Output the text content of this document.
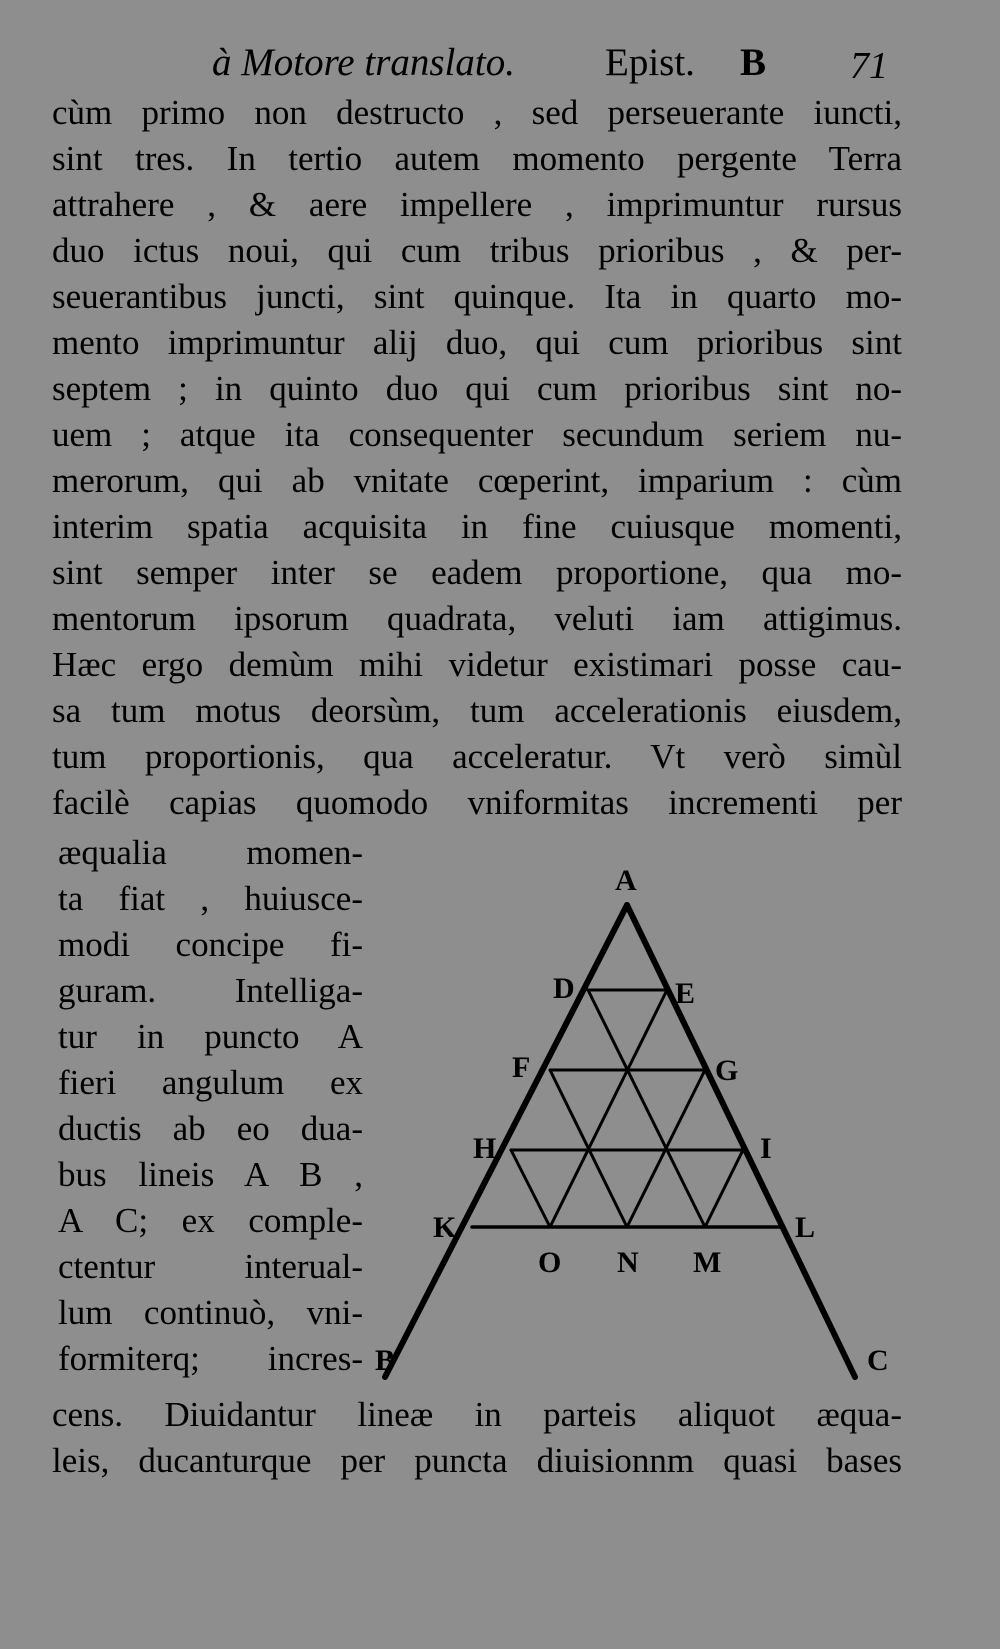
à Motore translato. Epist. B 71
cùm primo non destructo , sed perseuerante iuncti,
sint tres. In tertio autem momento pergente Terra
attrahere , & aere impellere , imprimuntur rursus
duo ictus noui, qui cum tribus prioribus , & per-
seuerantibus juncti, sint quinque. Ita in quarto mo-
mento imprimuntur alij duo, qui cum prioribus sint
septem ; in quinto duo qui cum prioribus sint no-
uem ; atque ita consequenter secundum seriem nu-
merorum, qui ab vnitate cœperint, imparium : cùm
interim spatia acquisita in fine cuiusque momenti,
sint semper inter se eadem proportione, qua mo-
mentorum ipsorum quadrata, veluti iam attigimus.
Hæc ergo demùm mihi videtur existimari posse cau-
sa tum motus deorsùm, tum accelerationis eiusdem,
tum proportionis, qua acceleratur. Vt verò simùl
facilè capias quomodo vniformitas incrementi per
æqualia momen-
ta fiat , huiusce-
modi concipe fi-
guram. Intelliga-
tur in puncto A
fieri angulum ex
ductis ab eo dua-
bus lineis A B ,
A C; ex comple-
ctentur interual-
lum continuò, vni-
formiterq; incres-
cens. Diuidantur lineæ in parteis aliquot æqua-
leis, ducanturque per puncta diuisionnm quasi bases
A
D	E
F	G
H	I
K	L
O N M
B	C
